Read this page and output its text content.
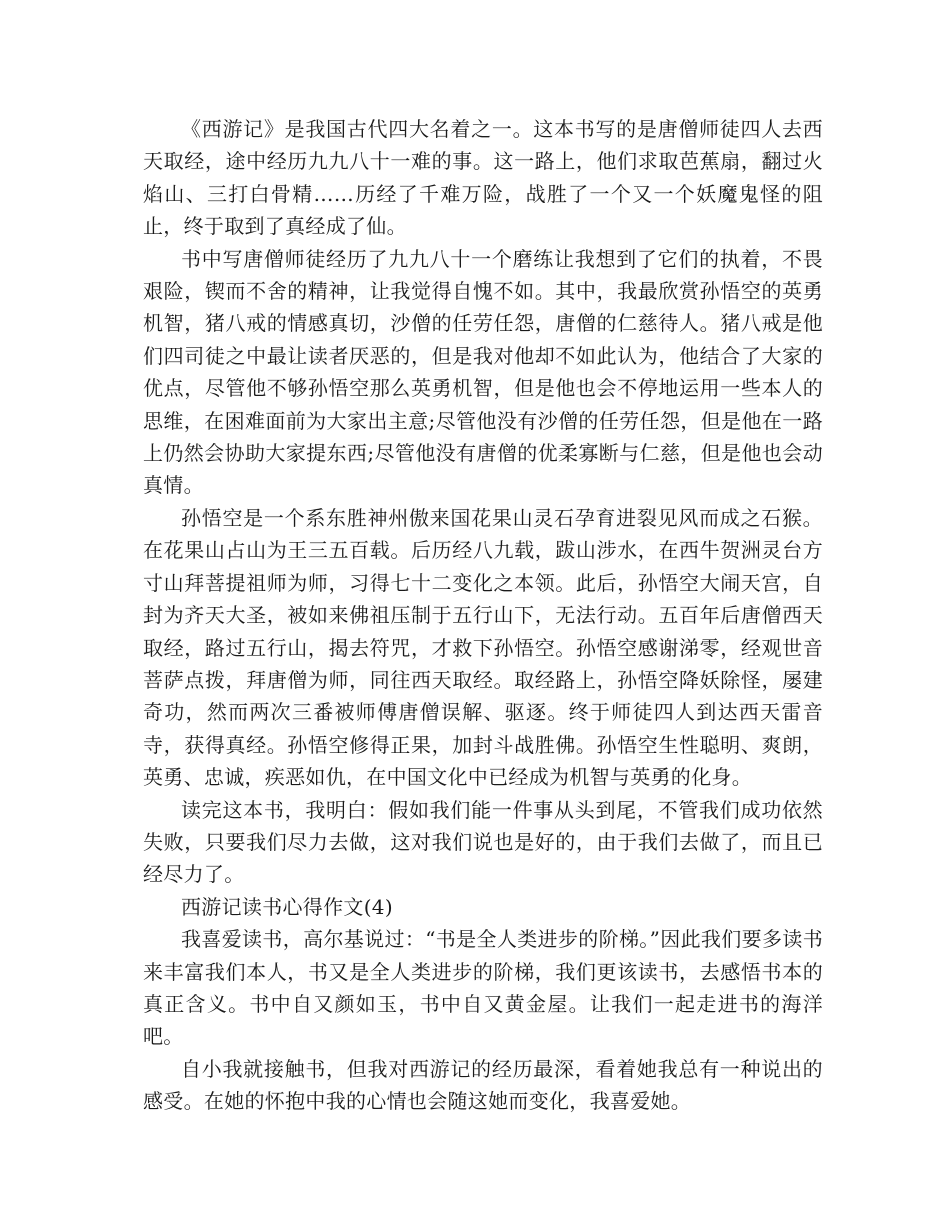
《西游记》是我国古代四大名着之一。这本书写的是唐僧师徒四人去西天取经，途中经历九九八十一难的事。这一路上，他们求取芭蕉扇，翻过火焰山、三打白骨精……历经了千难万险，战胜了一个又一个妖魔鬼怪的阻止，终于取到了真经成了仙。

书中写唐僧师徒经历了九九八十一个磨练让我想到了它们的执着，不畏艰险，锲而不舍的精神，让我觉得自愧不如。其中，我最欣赏孙悟空的英勇机智，猪八戒的情感真切，沙僧的任劳任怨，唐僧的仁慈待人。猪八戒是他们四司徒之中最让读者厌恶的，但是我对他却不如此认为，他结合了大家的优点，尽管他不够孙悟空那么英勇机智，但是他也会不停地运用一些本人的思维，在困难面前为大家出主意;尽管他没有沙僧的任劳任怨，但是他在一路上仍然会协助大家提东西;尽管他没有唐僧的优柔寡断与仁慈，但是他也会动真情。

孙悟空是一个系东胜神州傲来国花果山灵石孕育进裂见风而成之石猴。在花果山占山为王三五百载。后历经八九载，跋山涉水，在西牛贺洲灵台方寸山拜菩提祖师为师，习得七十二变化之本领。此后，孙悟空大闹天宫，自封为齐天大圣，被如来佛祖压制于五行山下，无法行动。五百年后唐僧西天取经，路过五行山，揭去符咒，才救下孙悟空。孙悟空感谢涕零，经观世音菩萨点拨，拜唐僧为师，同往西天取经。取经路上，孙悟空降妖除怪，屡建奇功，然而两次三番被师傅唐僧误解、驱逐。终于师徒四人到达西天雷音寺，获得真经。孙悟空修得正果，加封斗战胜佛。孙悟空生性聪明、爽朗，英勇、忠诚，疾恶如仇，在中国文化中已经成为机智与英勇的化身。

读完这本书，我明白：假如我们能一件事从头到尾，不管我们成功依然失败，只要我们尽力去做，这对我们说也是好的，由于我们去做了，而且已经尽力了。

西游记读书心得作文(4)

我喜爱读书，高尔基说过：“书是全人类进步的阶梯。”因此我们要多读书来丰富我们本人，书又是全人类进步的阶梯，我们更该读书，去感悟书本的真正含义。书中自又颜如玉，书中自又黄金屋。让我们一起走进书的海洋吧。

自小我就接触书，但我对西游记的经历最深，看着她我总有一种说出的感受。在她的怀抱中我的心情也会随这她而变化，我喜爱她。
